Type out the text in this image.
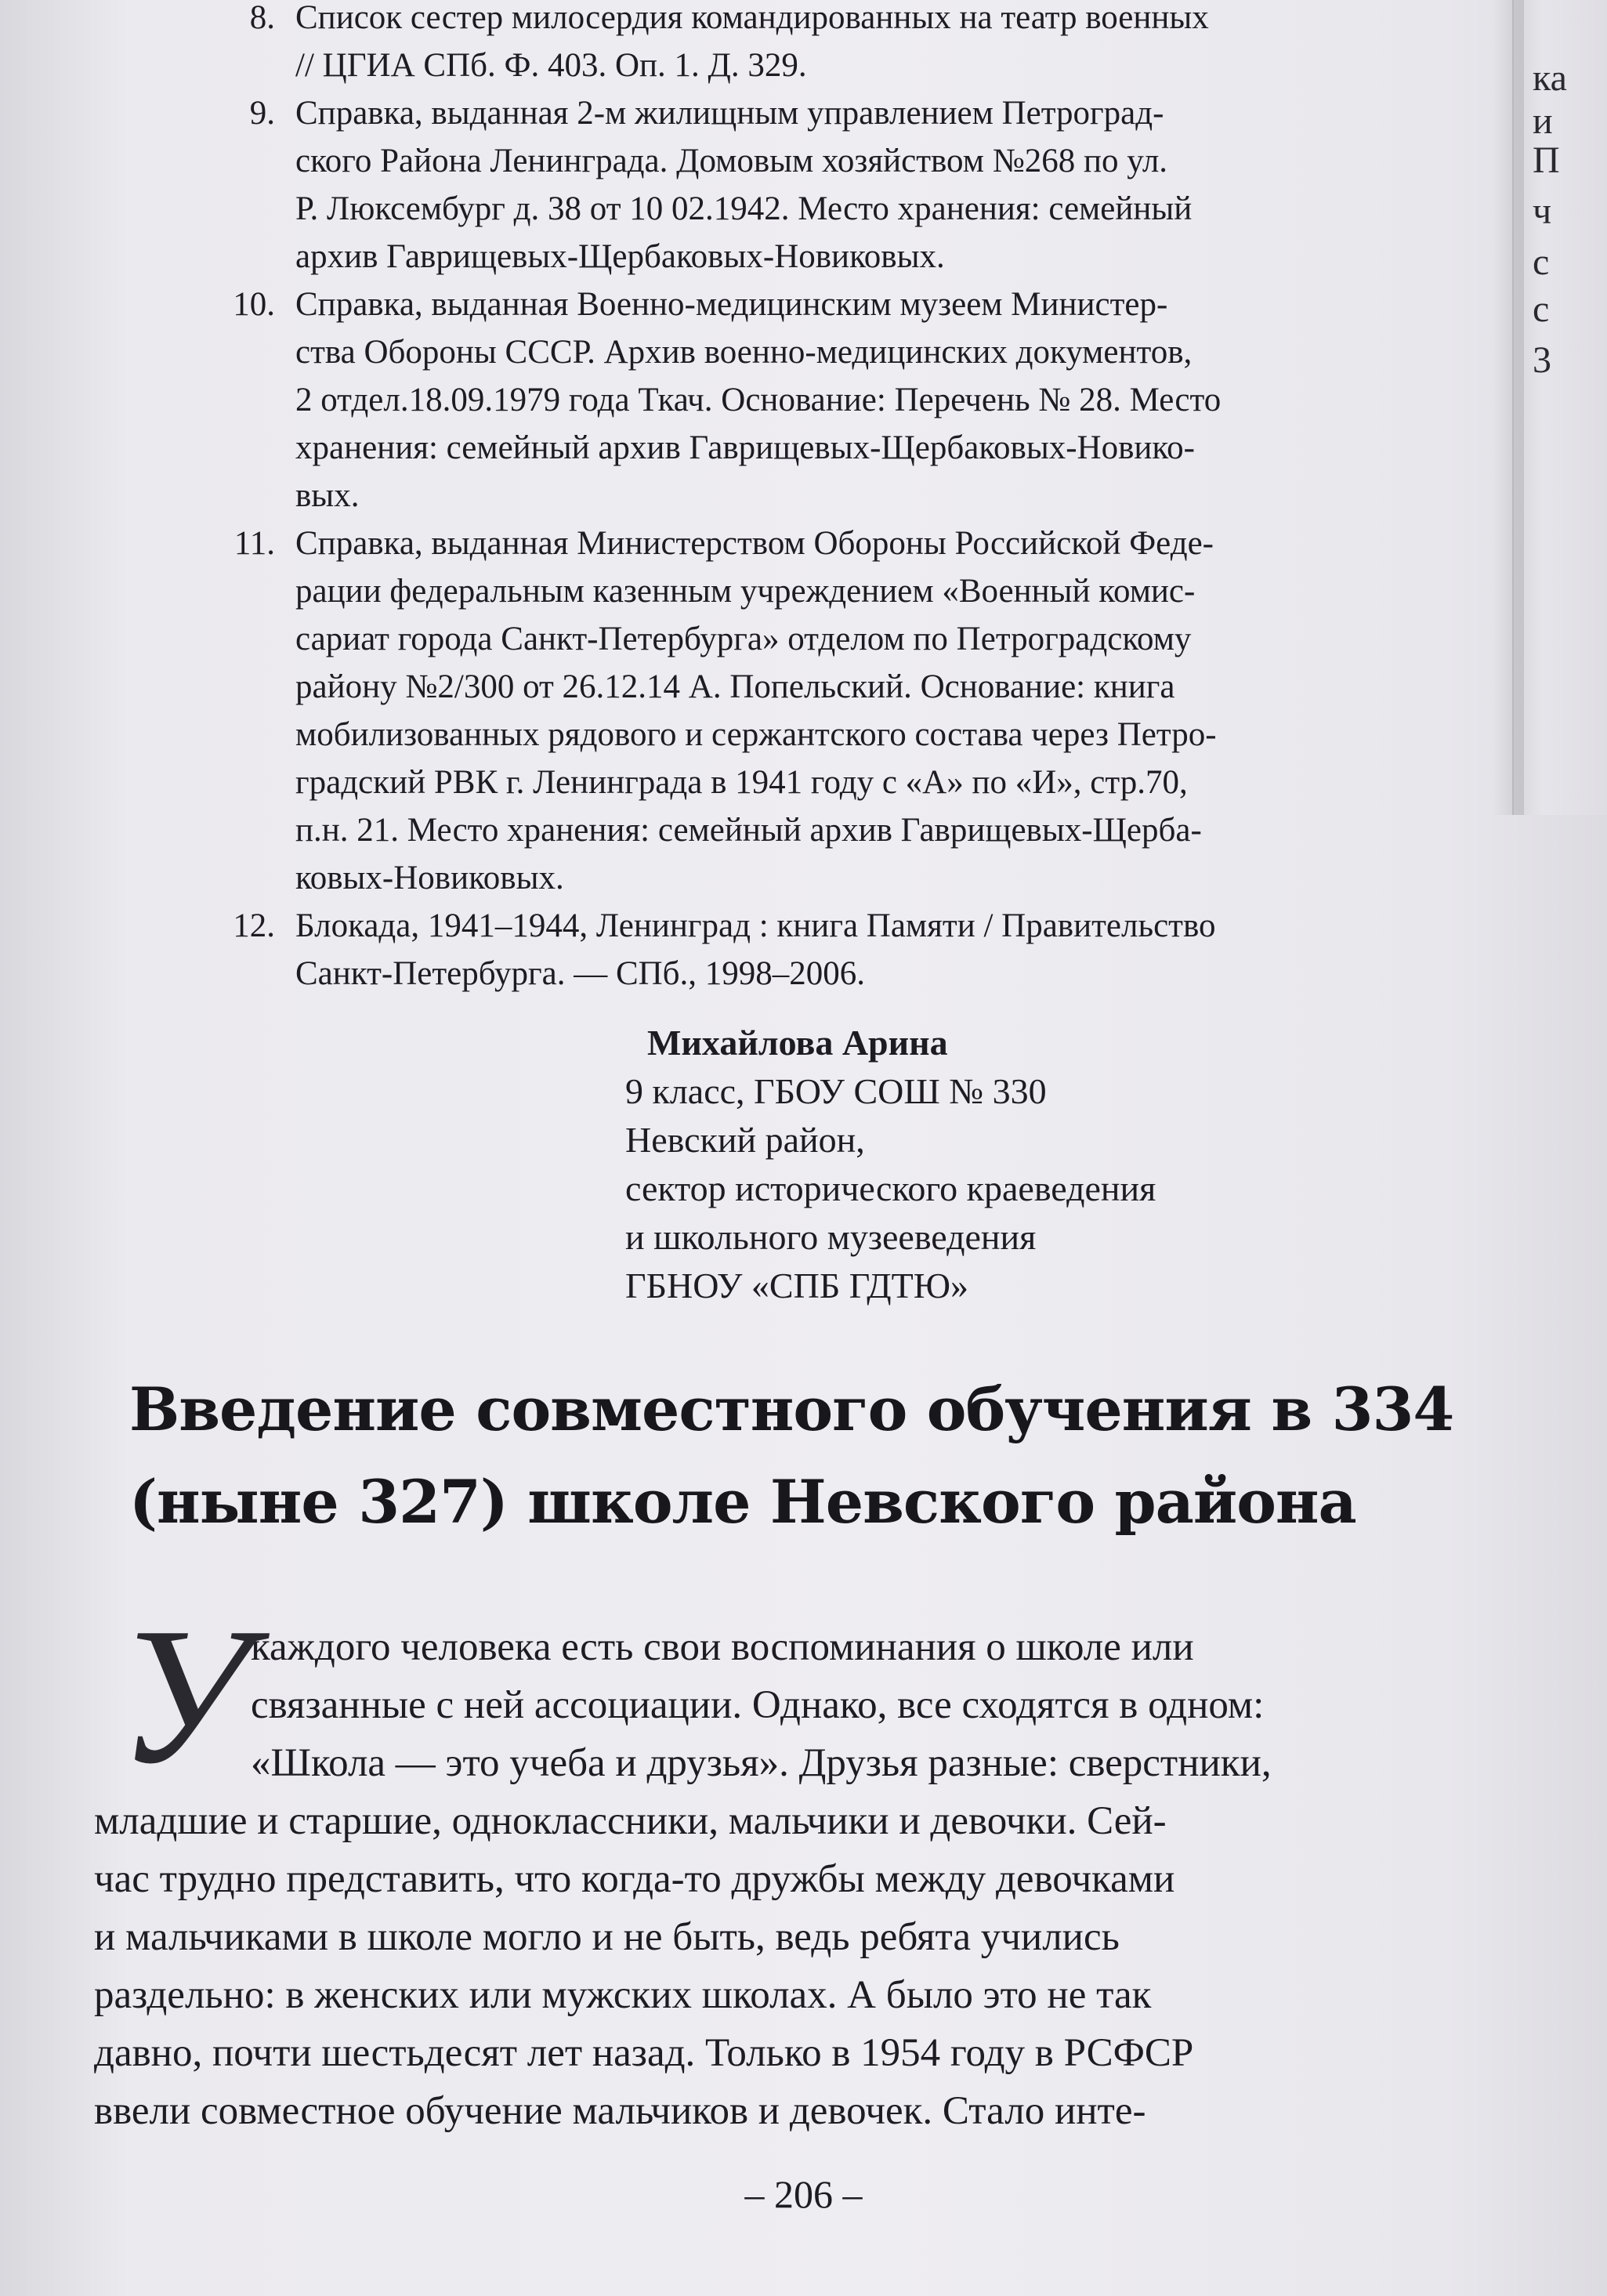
ка
и
П
ч
с
с
3
8. Список сестер милосердия командированных на театр военных
// ЦГИА СПб. Ф. 403. Оп. 1. Д. 329.

9. Справка, выданная 2-м жилищным управлением Петроград-
ского Района Ленинграда. Домовым хозяйством №268 по ул.
Р. Люксембург д. 38 от 10 02.1942. Место хранения: семейный
архив Гаврищевых-Щербаковых-Новиковых.

10. Справка, выданная Военно-медицинским музеем Министер-
ства Обороны СССР. Архив военно-медицинских документов,
2 отдел.18.09.1979 года Ткач. Основание: Перечень № 28. Место
хранения: семейный архив Гаврищевых-Щербаковых-Новико-
вых.

11. Справка, выданная Министерством Обороны Российской Феде-
рации федеральным казенным учреждением «Военный комис-
сариат города Санкт-Петербурга» отделом по Петроградскому
району №2/300 от 26.12.14 А. Попельский. Основание: книга
мобилизованных рядового и сержантского состава через Петро-
градский РВК г. Ленинграда в 1941 году с «А» по «И», стр.70,
п.н. 21. Место хранения: семейный архив Гаврищевых-Щерба-
ковых-Новиковых.

12. Блокада, 1941–1944, Ленинград : книга Памяти / Правительство
Санкт-Петербурга. — СПб., 1998–2006.

Михайлова Арина

9 класс, ГБОУ СОШ № 330
Невский район,
сектор исторического краеведения
и школьного музееведения
ГБНОУ «СПБ ГДТЮ»

Введение совместного обучения в 334
(ныне 327) школе Невского района
У каждого человека есть свои воспоминания о школе или

связанные с ней ассоциации. Однако, все сходятся в одном:

«Школа — это учеба и друзья». Друзья разные: сверстники,

младшие и старшие, одноклассники, мальчики и девочки. Сей-

час трудно представить, что когда-то дружбы между девочками

и мальчиками в школе могло и не быть, ведь ребята учились

раздельно: в женских или мужских школах. А было это не так

давно, почти шестьдесят лет назад. Только в 1954 году в РСФСР

ввели совместное обучение мальчиков и девочек. Стало инте-

– 206 –
